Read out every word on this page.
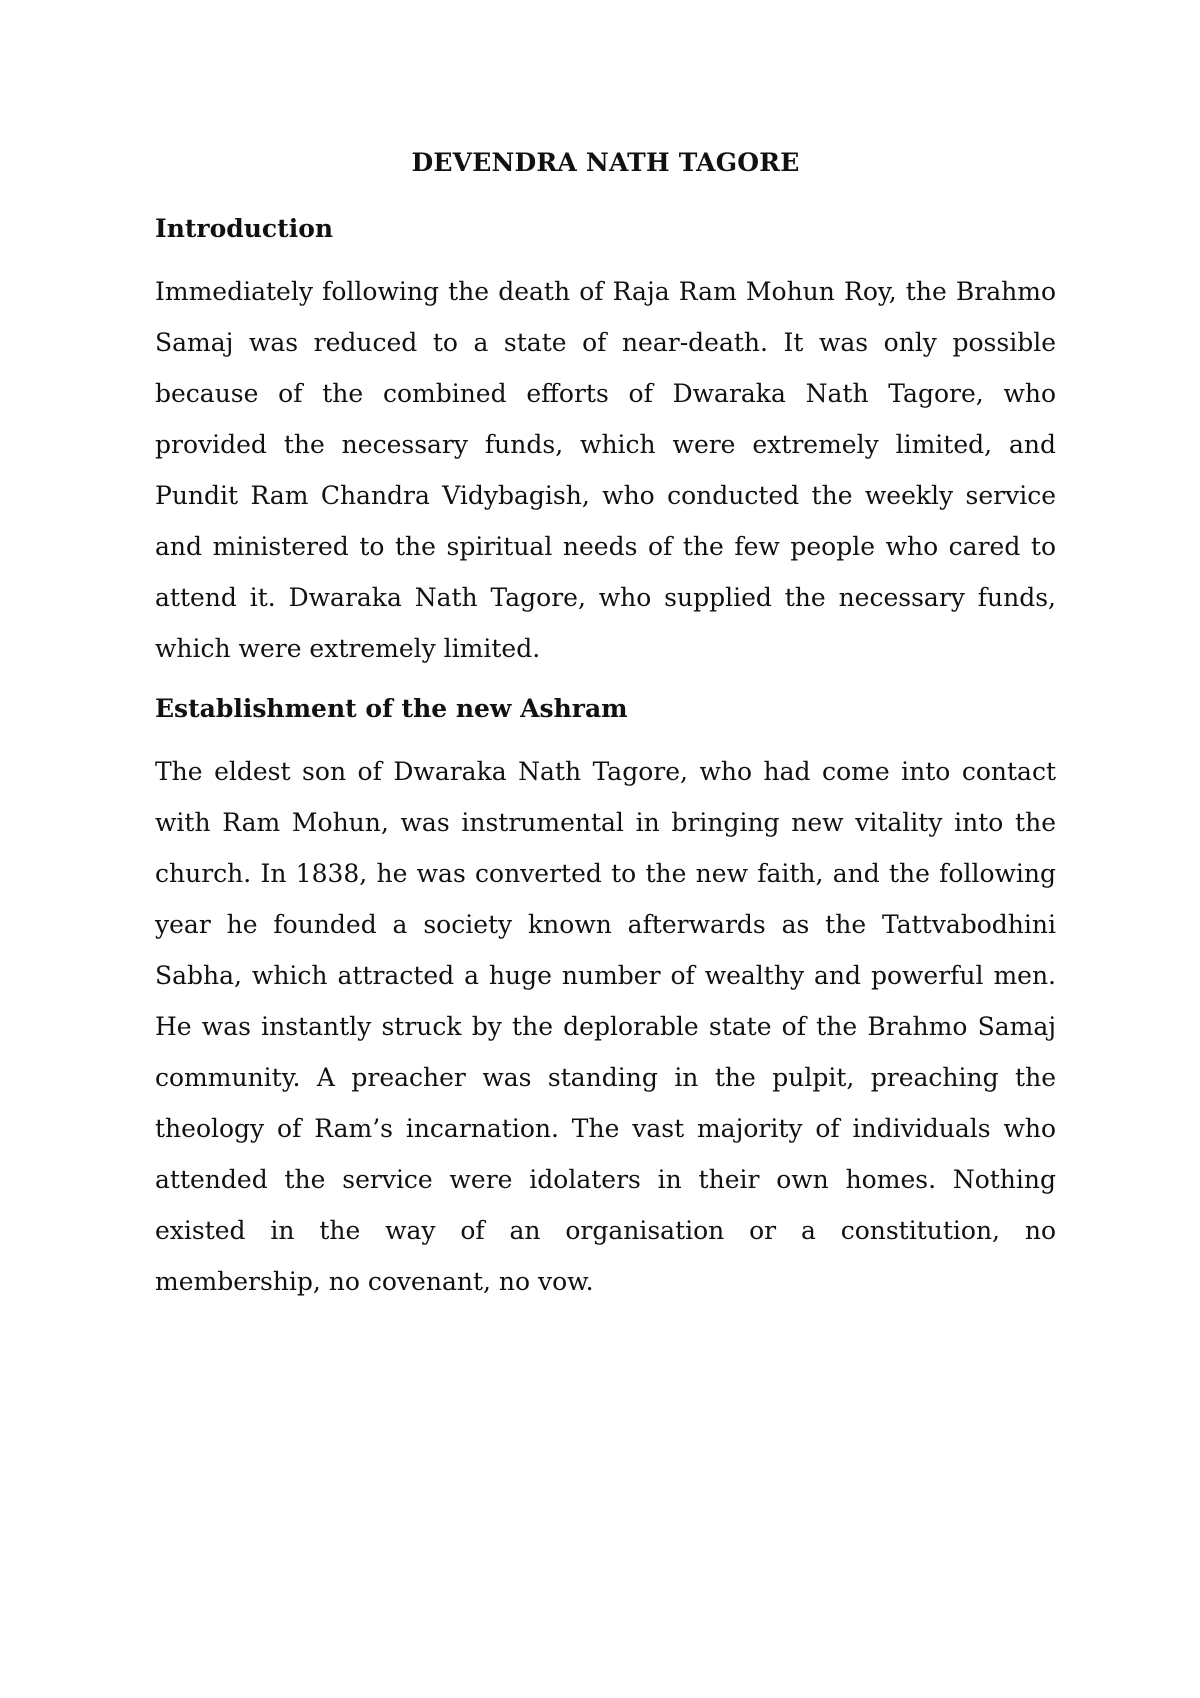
DEVENDRA NATH TAGORE
Introduction

Immediately following the death of Raja Ram Mohun Roy, the Brahmo Samaj was reduced to a state of near-death. It was only possible because of the combined efforts of Dwaraka Nath Tagore, who provided the necessary funds, which were extremely limited, and Pundit Ram Chandra Vidybagish, who conducted the weekly service and ministered to the spiritual needs of the few people who cared to attend it. Dwaraka Nath Tagore, who supplied the necessary funds, which were extremely limited.

Establishment of the new Ashram

The eldest son of Dwaraka Nath Tagore, who had come into contact with Ram Mohun, was instrumental in bringing new vitality into the church. In 1838, he was converted to the new faith, and the following year he founded a society known afterwards as the Tattvabodhini Sabha, which attracted a huge number of wealthy and powerful men. He was instantly struck by the deplorable state of the Brahmo Samaj community. A preacher was standing in the pulpit, preaching the theology of Ram’s incarnation. The vast majority of individuals who attended the service were idolaters in their own homes. Nothing existed in the way of an organisation or a constitution, no membership, no covenant, no vow.
